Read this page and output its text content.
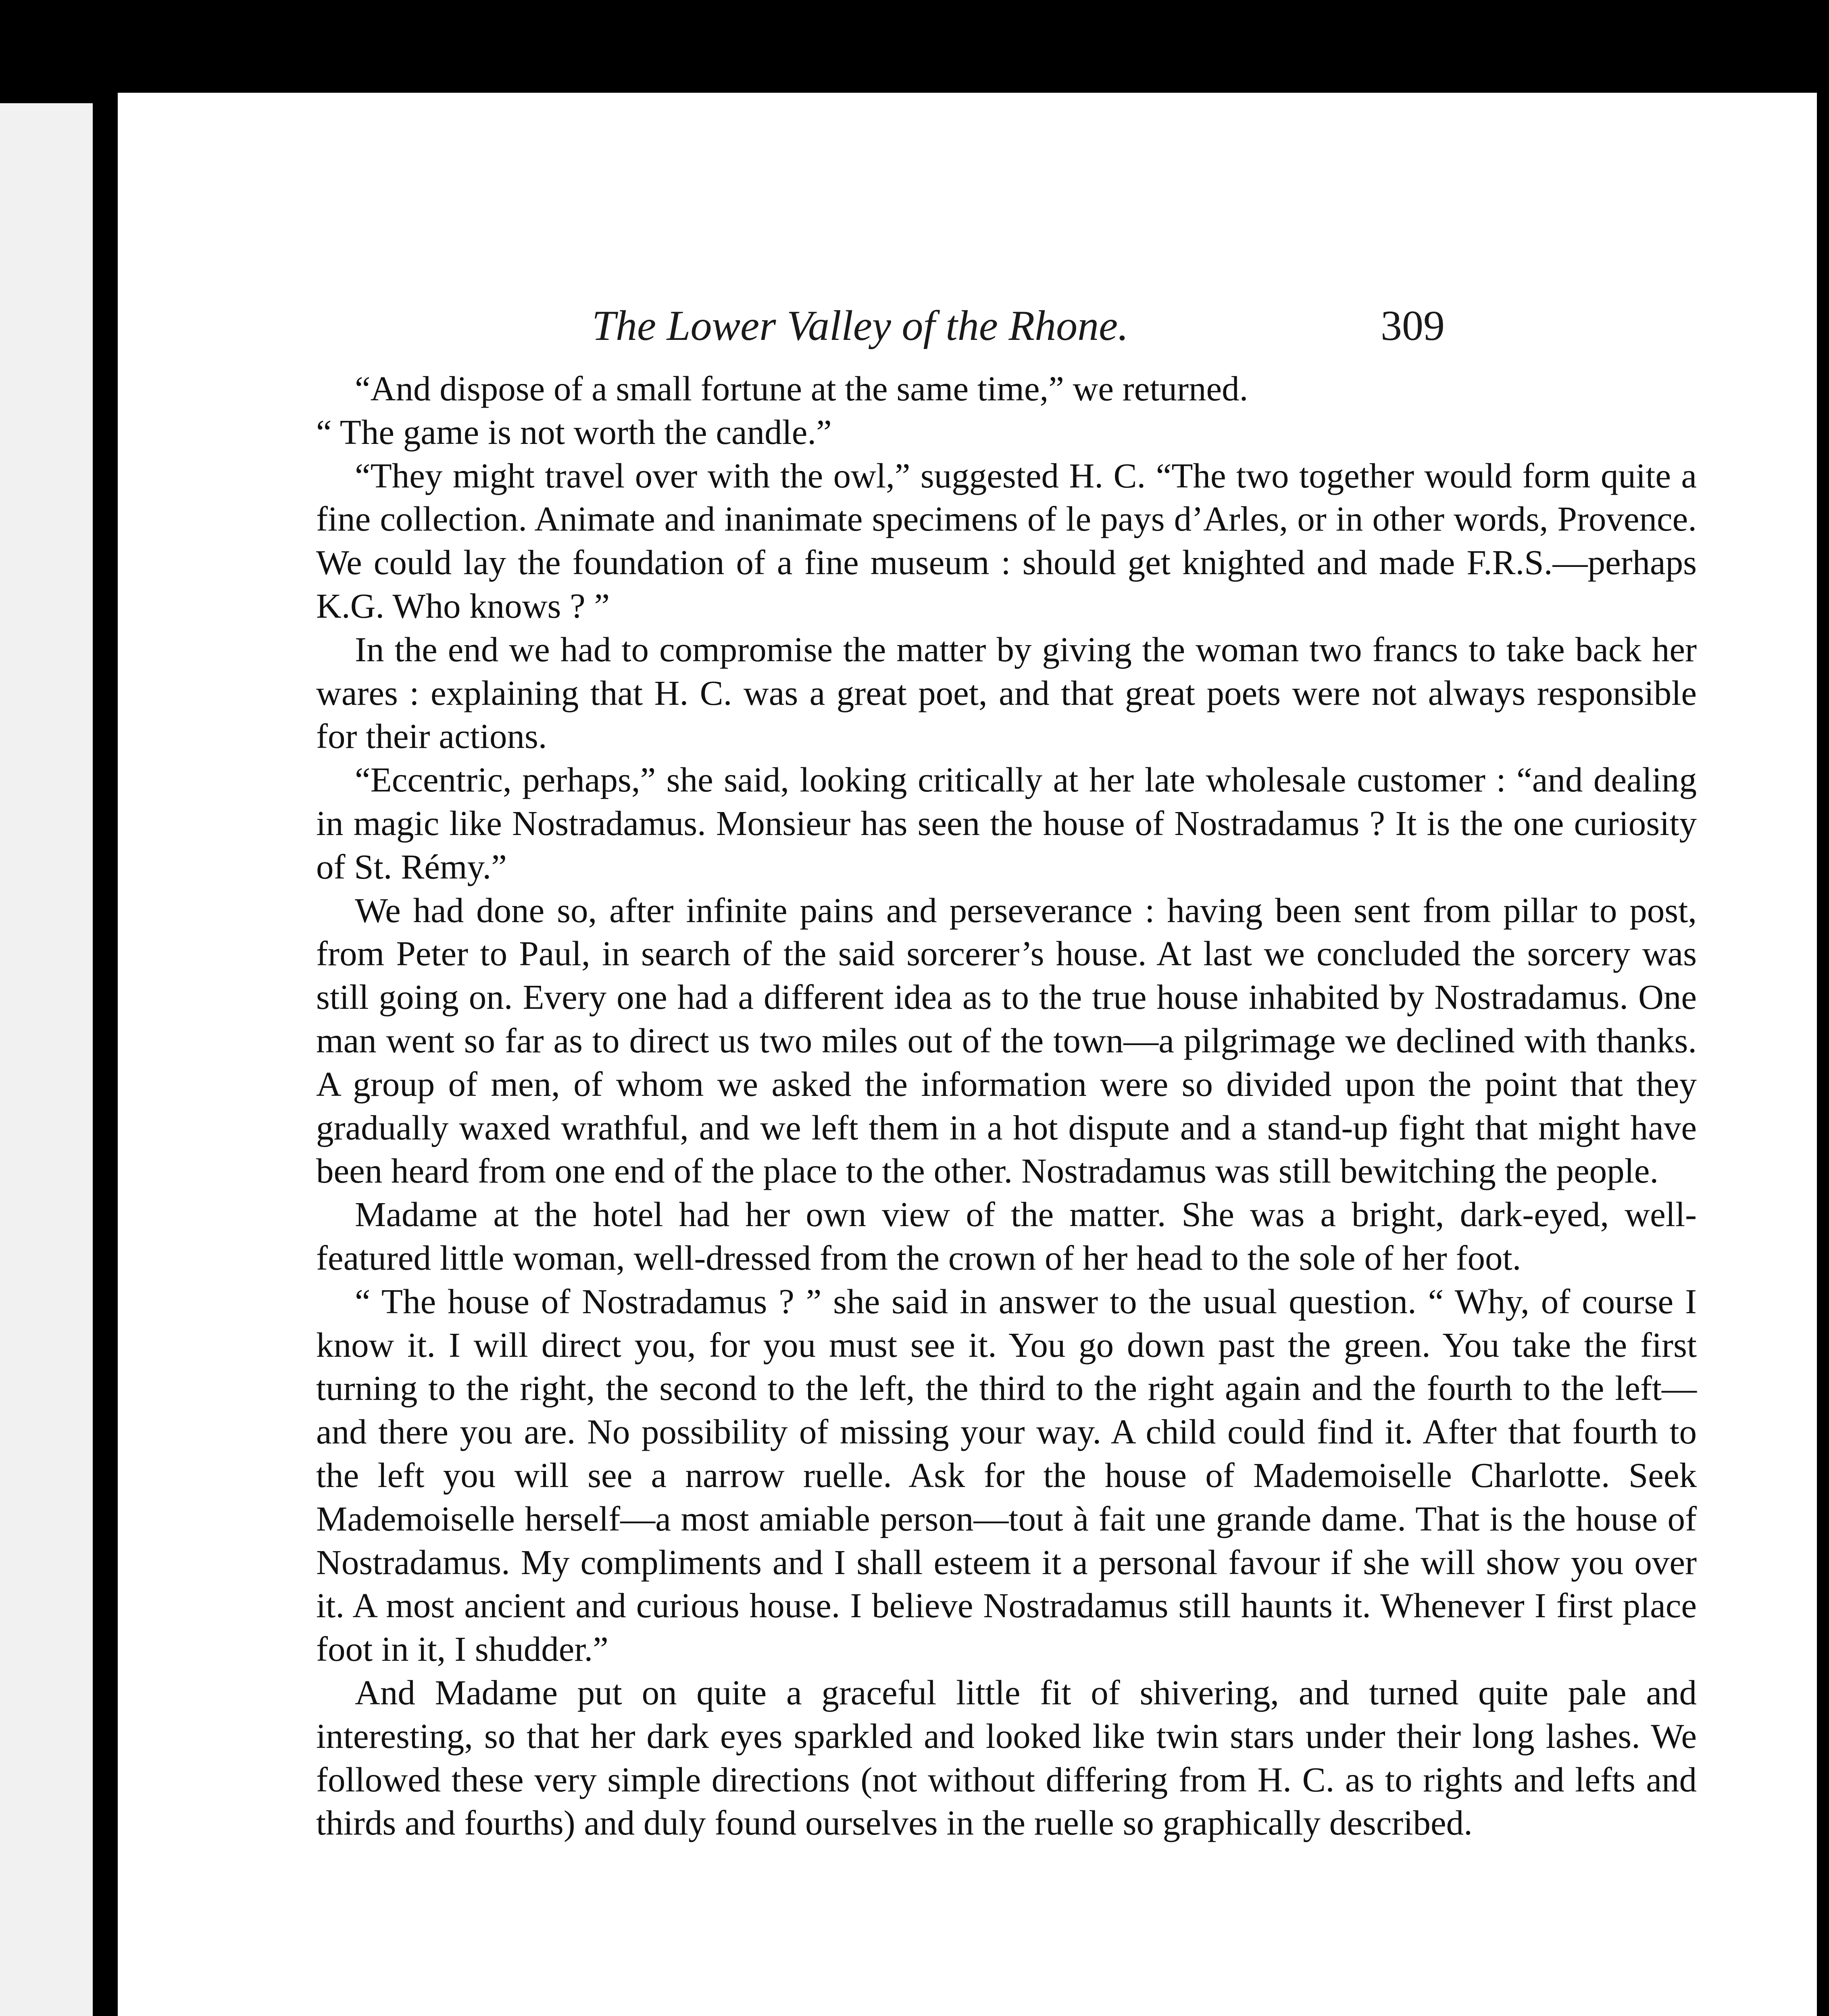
The Lower Valley of the Rhone.	309

“And dispose of a small fortune at the same time,” we returned.

“ The game is not worth the candle.”

“They might travel over with the owl,” suggested H. C. “The two together would form quite a fine collection. Animate and inanimate specimens of le pays d’Arles, or in other words, Provence. We could lay the foundation of a fine museum : should get knighted and made F.R.S.—perhaps K.G. Who knows ? ”

In the end we had to compromise the matter by giving the woman two francs to take back her wares : explaining that H. C. was a great poet, and that great poets were not always responsible for their actions.

“Eccentric, perhaps,” she said, looking critically at her late wholesale customer : “and dealing in magic like Nostradamus. Monsieur has seen the house of Nostradamus ? It is the one curiosity of St. Rémy.”

We had done so, after infinite pains and perseverance : having been sent from pillar to post, from Peter to Paul, in search of the said sorcerer’s house. At last we concluded the sorcery was still going on. Every one had a different idea as to the true house inhabited by Nostradamus. One man went so far as to direct us two miles out of the town—a pilgrimage we declined with thanks. A group of men, of whom we asked the information were so divided upon the point that they gradually waxed wrathful, and we left them in a hot dispute and a stand-up fight that might have been heard from one end of the place to the other. Nostradamus was still bewitching the people.

Madame at the hotel had her own view of the matter. She was a bright, dark-eyed, well-featured little woman, well-dressed from the crown of her head to the sole of her foot.

“ The house of Nostradamus ? ” she said in answer to the usual question. “ Why, of course I know it. I will direct you, for you must see it. You go down past the green. You take the first turning to the right, the second to the left, the third to the right again and the fourth to the left—and there you are. No possibility of missing your way. A child could find it. After that fourth to the left you will see a narrow ruelle. Ask for the house of Mademoiselle Charlotte. Seek Mademoiselle herself—a most amiable person—tout à fait une grande dame. That is the house of Nostradamus. My compliments and I shall esteem it a personal favour if she will show you over it. A most ancient and curious house. I believe Nostradamus still haunts it. Whenever I first place foot in it, I shudder.”

And Madame put on quite a graceful little fit of shivering, and turned quite pale and interesting, so that her dark eyes sparkled and looked like twin stars under their long lashes. We followed these very simple directions (not without differing from H. C. as to rights and lefts and thirds and fourths) and duly found ourselves in the ruelle so graphically described.
